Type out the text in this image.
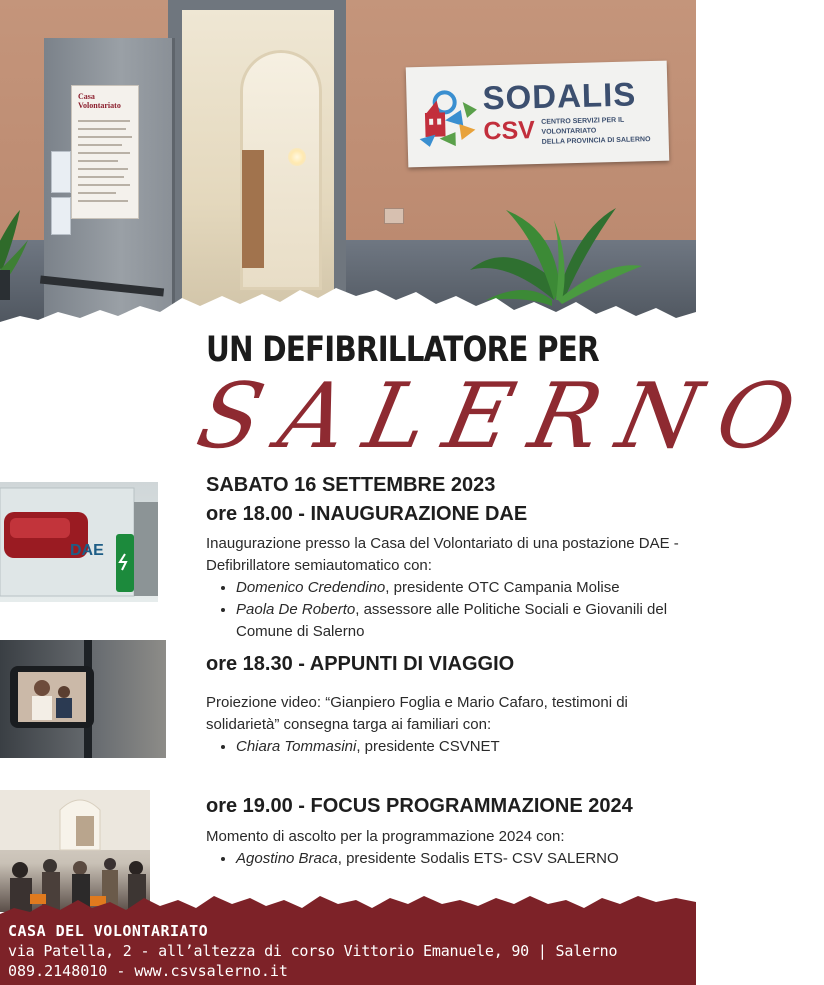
Casa
Volontariato	SODALIS
CSV CENTRO SERVIZI PER IL VOLONTARIATO
DELLA PROVINCIA DI SALERNO
UN DEFIBRILLATORE PER
SALERNO
DAE
SABATO 16 SETTEMBRE 2023
ore 18.00 - INAUGURAZIONE DAE
Inaugurazione presso la Casa del Volontariato di una postazione DAE - Defibrillatore semiautomatico con:
• Domenico Credendino, presidente OTC Campania Molise
• Paola De Roberto, assessore alle Politiche Sociali e Giovanili del Comune di Salerno
ore 18.30 - APPUNTI DI VIAGGIO
Proiezione video: “Gianpiero Foglia e Mario Cafaro, testimoni di solidarietà” consegna targa ai familiari con:
• Chiara Tommasini, presidente CSVNET
ore 19.00 - FOCUS PROGRAMMAZIONE 2024
Momento di ascolto per la programmazione 2024 con:
• Agostino Braca, presidente Sodalis ETS- CSV SALERNO
CASA DEL VOLONTARIATO
via Patella, 2 - all’altezza di corso Vittorio Emanuele, 90 | Salerno
089.2148010 - www.csvsalerno.it
